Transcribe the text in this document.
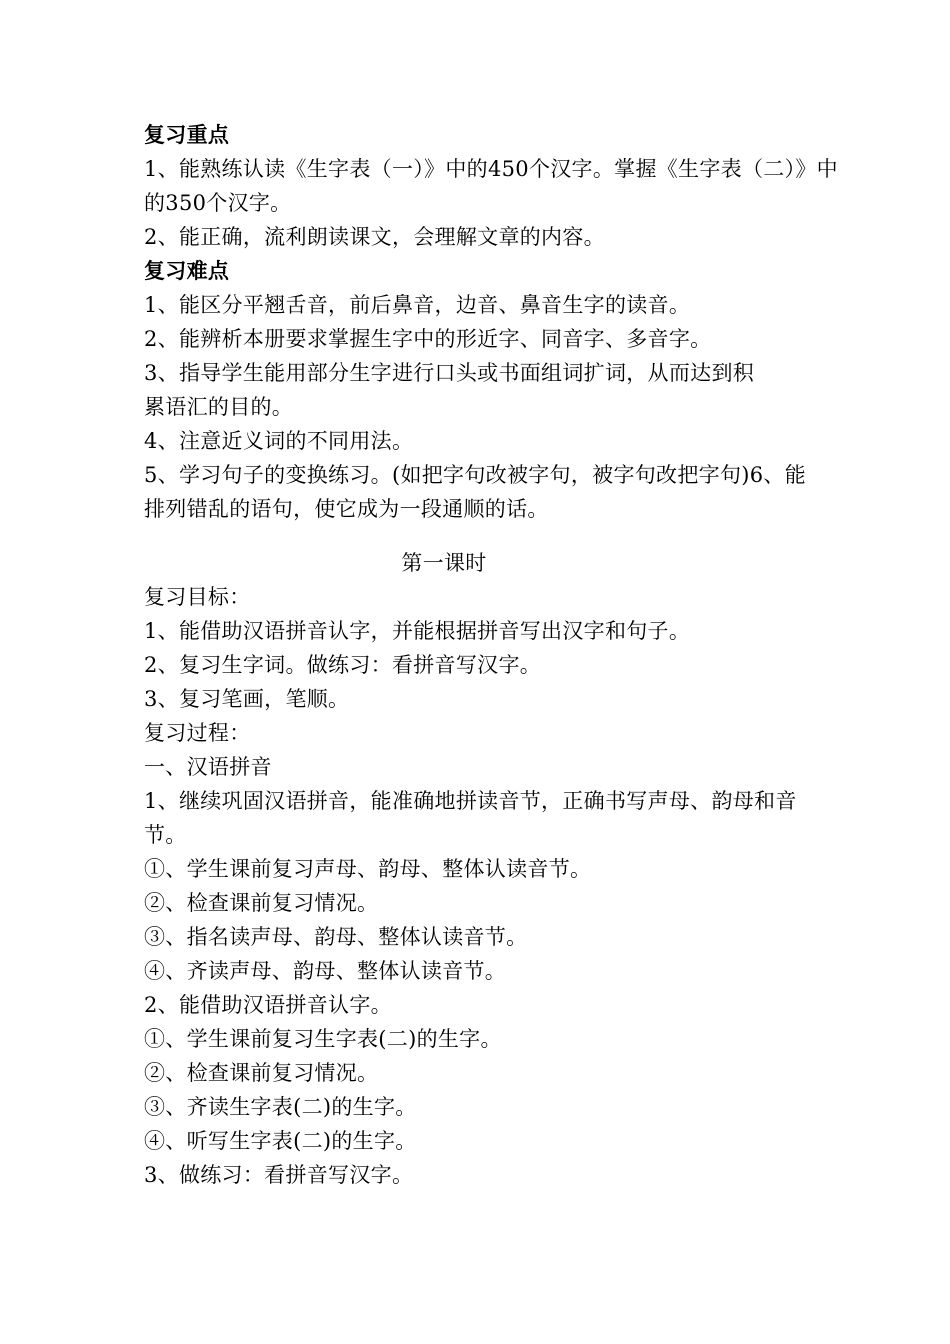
复习重点
1、能熟练认读《生字表（一）》中的450个汉字。掌握《生字表（二）》中
的350个汉字。
2、能正确，流利朗读课文，会理解文章的内容。
复习难点
1、能区分平翘舌音，前后鼻音，边音、鼻音生字的读音。
2、能辨析本册要求掌握生字中的形近字、同音字、多音字。
3、指导学生能用部分生字进行口头或书面组词扩词，从而达到积
累语汇的目的。
4、注意近义词的不同用法。
5、学习句子的变换练习。(如把字句改被字句，被字句改把字句)6、能
排列错乱的语句，使它成为一段通顺的话。
第一课时
复习目标：
1、能借助汉语拼音认字，并能根据拼音写出汉字和句子。
2、复习生字词。做练习：看拼音写汉字。
3、复习笔画，笔顺。
复习过程：
一、汉语拼音
1、继续巩固汉语拼音，能准确地拼读音节，正确书写声母、韵母和音
节。
①、学生课前复习声母、韵母、整体认读音节。
②、检查课前复习情况。
③、指名读声母、韵母、整体认读音节。
④、齐读声母、韵母、整体认读音节。
2、能借助汉语拼音认字。
①、学生课前复习生字表(二)的生字。
②、检查课前复习情况。
③、齐读生字表(二)的生字。
④、听写生字表(二)的生字。
3、做练习：看拼音写汉字。
